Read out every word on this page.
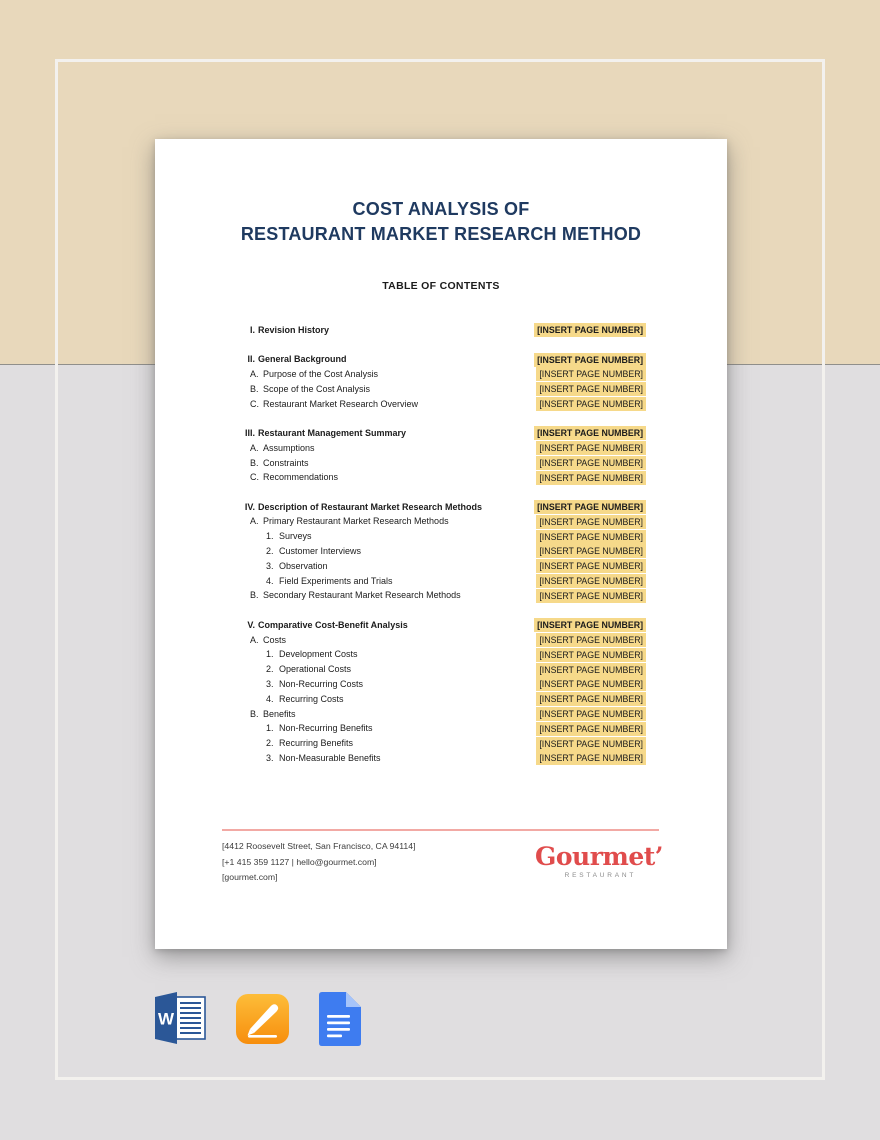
COST ANALYSIS OF
RESTAURANT MARKET RESEARCH METHOD
TABLE OF CONTENTS
I. Revision History	[INSERT PAGE NUMBER]
II. General Background	[INSERT PAGE NUMBER]
A. Purpose of the Cost Analysis	[INSERT PAGE NUMBER]
B. Scope of the Cost Analysis	[INSERT PAGE NUMBER]
C. Restaurant Market Research Overview	[INSERT PAGE NUMBER]
III. Restaurant Management Summary	[INSERT PAGE NUMBER]
A. Assumptions	[INSERT PAGE NUMBER]
B. Constraints	[INSERT PAGE NUMBER]
C. Recommendations	[INSERT PAGE NUMBER]
IV. Description of Restaurant Market Research Methods	[INSERT PAGE NUMBER]
A. Primary Restaurant Market Research Methods	[INSERT PAGE NUMBER]
1. Surveys	[INSERT PAGE NUMBER]
2. Customer Interviews	[INSERT PAGE NUMBER]
3. Observation	[INSERT PAGE NUMBER]
4. Field Experiments and Trials	[INSERT PAGE NUMBER]
B. Secondary Restaurant Market Research Methods	[INSERT PAGE NUMBER]
V. Comparative Cost-Benefit Analysis	[INSERT PAGE NUMBER]
A. Costs	[INSERT PAGE NUMBER]
1. Development Costs	[INSERT PAGE NUMBER]
2. Operational Costs	[INSERT PAGE NUMBER]
3. Non-Recurring Costs	[INSERT PAGE NUMBER]
4. Recurring Costs	[INSERT PAGE NUMBER]
B. Benefits	[INSERT PAGE NUMBER]
1. Non-Recurring Benefits	[INSERT PAGE NUMBER]
2. Recurring Benefits	[INSERT PAGE NUMBER]
3. Non-Measurable Benefits	[INSERT PAGE NUMBER]
[4412 Roosevelt Street, San Francisco, CA 94114]
[+1 415 359 1127 | hello@gourmet.com]
[gourmet.com]
Gourmet’
RESTAURANT
W
